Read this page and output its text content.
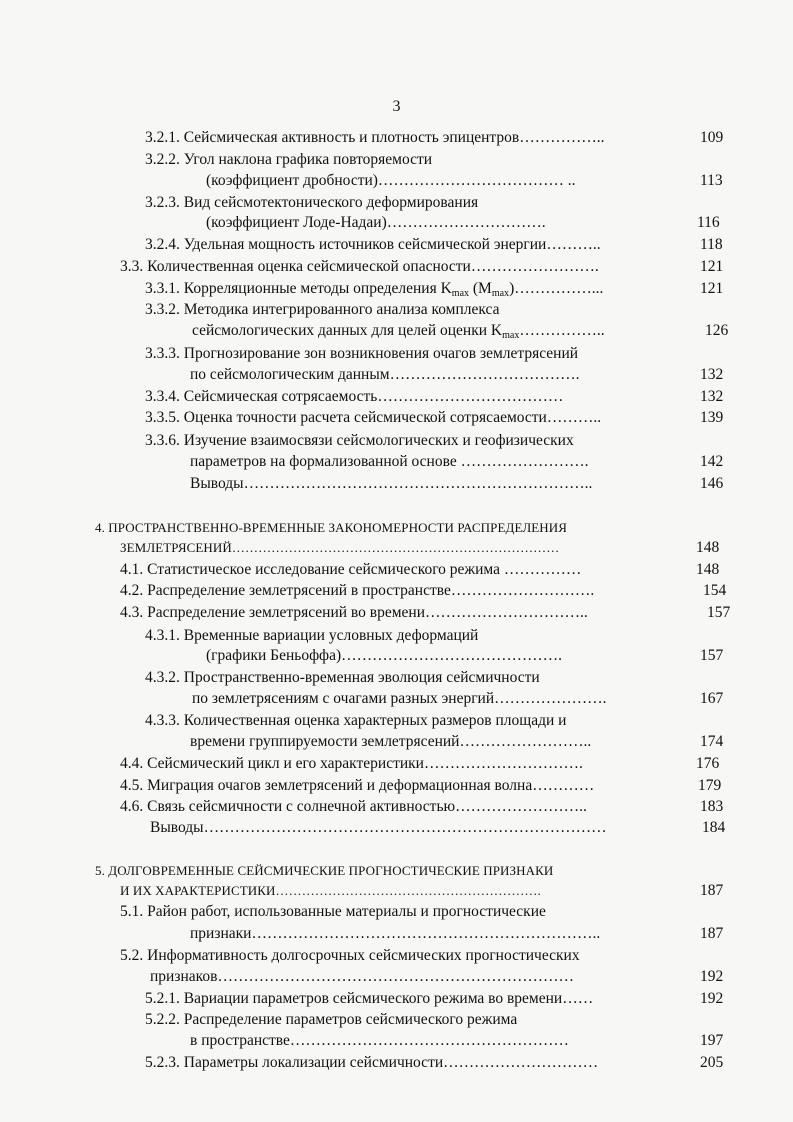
3
3.2.1. Сейсмическая активность и плотность эпицентров……………..	109
3.2.2. Угол наклона графика повторяемости
(коэффициент дробности)……………………………… ..	113
3.2.3. Вид сейсмотектонического деформирования
(коэффициент Лоде-Надаи)………………………….	116
3.2.4. Удельная мощность источников сейсмической энергии………..	118
3.3. Количественная оценка сейсмической опасности…………………….	121
3.3.1. Корреляционные методы определения $K_{max}$ $(M_{max})\dots\dots\dots\dots\dots$...	121
3.3.2. Методика интегрированного анализа комплекса
сейсмологических данных для целей оценки $K_{max}\dots\dots\dots\dots\dots$..	126
3.3.3. Прогнозирование зон возникновения очагов землетрясений
по сейсмологическим данным……………………………….	132
3.3.4. Сейсмическая сотрясаемость………………………………	132
3.3.5. Оценка точности расчета сейсмической сотрясаемости………..	139
3.3.6. Изучение взаимосвязи сейсмологических и геофизических
параметров на формализованной основе …………………….	142
Выводы…………………………………………………………..	146
4. ПРОСТРАНСТВЕННО-ВРЕМЕННЫЕ ЗАКОНОМЕРНОСТИ РАСПРЕДЕЛЕНИЯ
ЗЕМЛЕТРЯСЕНИЙ…………………………………………………………………	148
4.1. Статистическое исследование сейсмического режима ……………	148
4.2. Распределение землетрясений в пространстве……………………….	154
4.3. Распределение землетрясений во времени…………………………..	157
4.3.1. Временные вариации условных деформаций
(графики Беньоффа)…………………………………….	157
4.3.2. Пространственно-временная эволюция сейсмичности
по землетрясениям с очагами разных энергий………………….	167
4.3.3. Количественная оценка характерных размеров площади и
времени группируемости землетрясений……………………..	174
4.4. Сейсмический цикл и его характеристики………………………….	176
4.5. Миграция очагов землетрясений и деформационная волна…………	179
4.6. Связь сейсмичности с солнечной активностью……………………..	183
Выводы……………………………………………………………………	184
5. ДОЛГОВРЕМЕННЫЕ СЕЙСМИЧЕСКИЕ ПРОГНОСТИЧЕСКИЕ ПРИЗНАКИ
И ИХ ХАРАКТЕРИСТИКИ…………………………………………………….	187
5.1. Район работ, использованные материалы и прогностические
признаки…………………………………………………………..	187
5.2. Информативность долгосрочных сейсмических прогностических
признаков……………………………………………………………	192
5.2.1. Вариации параметров сейсмического режима во времени……	192
5.2.2. Распределение параметров сейсмического режима
в пространстве………………………………………………	197
5.2.3. Параметры локализации сейсмичности…………………………	205
